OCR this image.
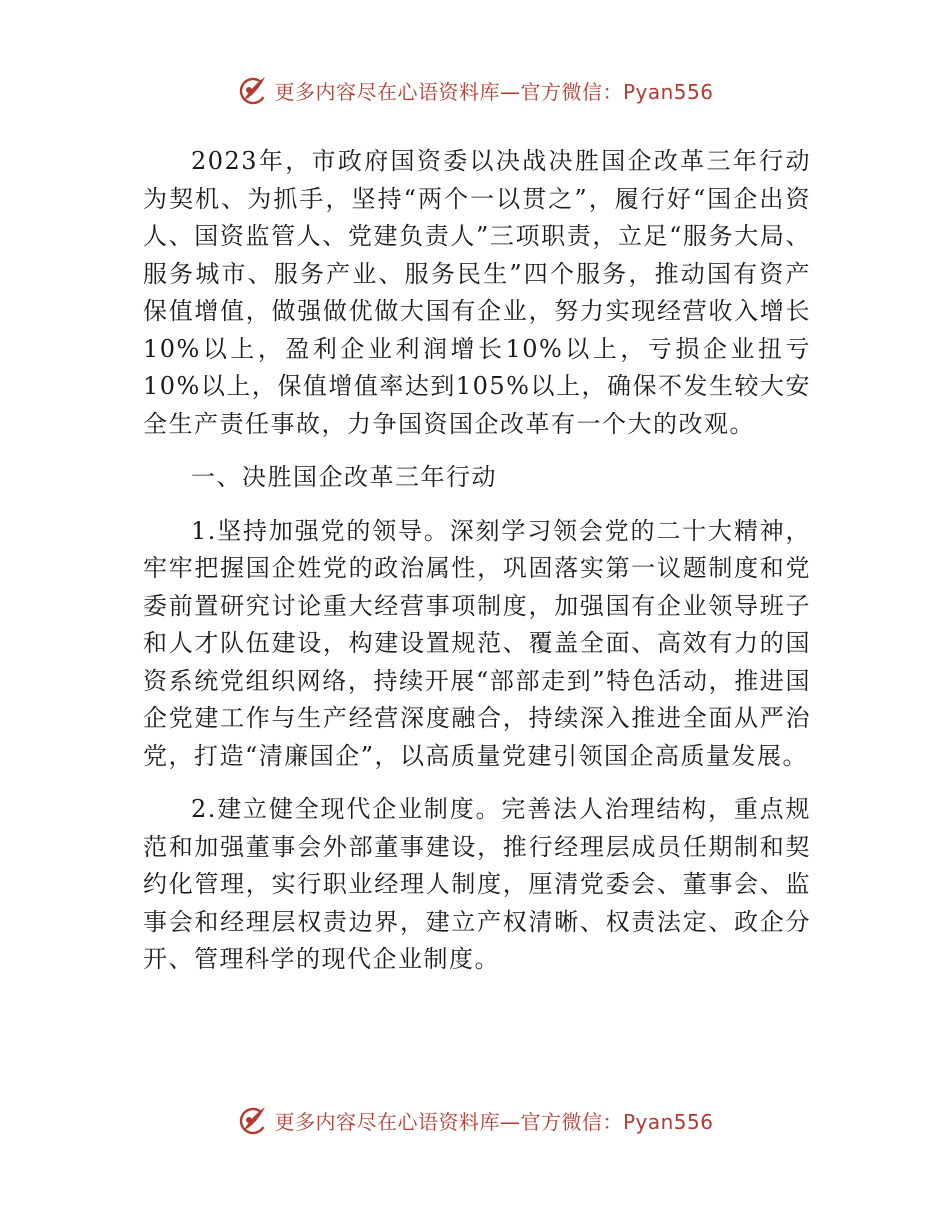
更多内容尽在心语资料库—官方微信：Pyan556

2023年，市政府国资委以决战决胜国企改革三年行动为契机、为抓手，坚持“两个一以贯之”，履行好“国企出资人、国资监管人、党建负责人”三项职责，立足“服务大局、服务城市、服务产业、服务民生”四个服务，推动国有资产保值增值，做强做优做大国有企业，努力实现经营收入增长10%以上，盈利企业利润增长10%以上，亏损企业扭亏10%以上，保值增值率达到105%以上，确保不发生较大安全生产责任事故，力争国资国企改革有一个大的改观。

一、决胜国企改革三年行动

1.坚持加强党的领导。深刻学习领会党的二十大精神，牢牢把握国企姓党的政治属性，巩固落实第一议题制度和党委前置研究讨论重大经营事项制度，加强国有企业领导班子和人才队伍建设，构建设置规范、覆盖全面、高效有力的国资系统党组织网络，持续开展“部部走到”特色活动，推进国企党建工作与生产经营深度融合，持续深入推进全面从严治党，打造“清廉国企”，以高质量党建引领国企高质量发展。

2.建立健全现代企业制度。完善法人治理结构，重点规范和加强董事会外部董事建设，推行经理层成员任期制和契约化管理，实行职业经理人制度，厘清党委会、董事会、监事会和经理层权责边界，建立产权清晰、权责法定、政企分开、管理科学的现代企业制度。

更多内容尽在心语资料库—官方微信：Pyan556
